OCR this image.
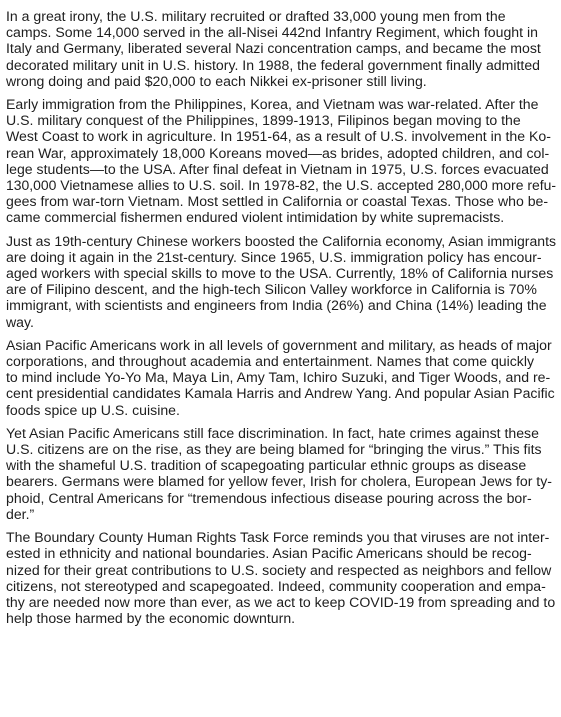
In a great irony, the U.S. military recruited or drafted 33,000 young men from the
camps. Some 14,000 served in the all-Nisei 442nd Infantry Regiment, which fought in
Italy and Germany, liberated several Nazi concentration camps, and became the most
decorated military unit in U.S. history. In 1988, the federal government finally admitted
wrong doing and paid $20,000 to each Nikkei ex-prisoner still living.

Early immigration from the Philippines, Korea, and Vietnam was war-related. After the
U.S. military conquest of the Philippines, 1899-1913, Filipinos began moving to the
West Coast to work in agriculture. In 1951-64, as a result of U.S. involvement in the Ko-
rean War, approximately 18,000 Koreans moved—as brides, adopted children, and col-
lege students—to the USA. After final defeat in Vietnam in 1975, U.S. forces evacuated
130,000 Vietnamese allies to U.S. soil. In 1978-82, the U.S. accepted 280,000 more refu-
gees from war-torn Vietnam. Most settled in California or coastal Texas. Those who be-
came commercial fishermen endured violent intimidation by white supremacists.

Just as 19th-century Chinese workers boosted the California economy, Asian immigrants
are doing it again in the 21st-century. Since 1965, U.S. immigration policy has encour-
aged workers with special skills to move to the USA. Currently, 18% of California nurses
are of Filipino descent, and the high-tech Silicon Valley workforce in California is 70%
immigrant, with scientists and engineers from India (26%) and China (14%) leading the
way.

Asian Pacific Americans work in all levels of government and military, as heads of major
corporations, and throughout academia and entertainment. Names that come quickly
to mind include Yo-Yo Ma, Maya Lin, Amy Tam, Ichiro Suzuki, and Tiger Woods, and re-
cent presidential candidates Kamala Harris and Andrew Yang. And popular Asian Pacific
foods spice up U.S. cuisine.

Yet Asian Pacific Americans still face discrimination. In fact, hate crimes against these
U.S. citizens are on the rise, as they are being blamed for “bringing the virus.” This fits
with the shameful U.S. tradition of scapegoating particular ethnic groups as disease
bearers. Germans were blamed for yellow fever, Irish for cholera, European Jews for ty-
phoid, Central Americans for “tremendous infectious disease pouring across the bor-
der.”

The Boundary County Human Rights Task Force reminds you that viruses are not inter-
ested in ethnicity and national boundaries. Asian Pacific Americans should be recog-
nized for their great contributions to U.S. society and respected as neighbors and fellow
citizens, not stereotyped and scapegoated. Indeed, community cooperation and empa-
thy are needed now more than ever, as we act to keep COVID-19 from spreading and to
help those harmed by the economic downturn.
